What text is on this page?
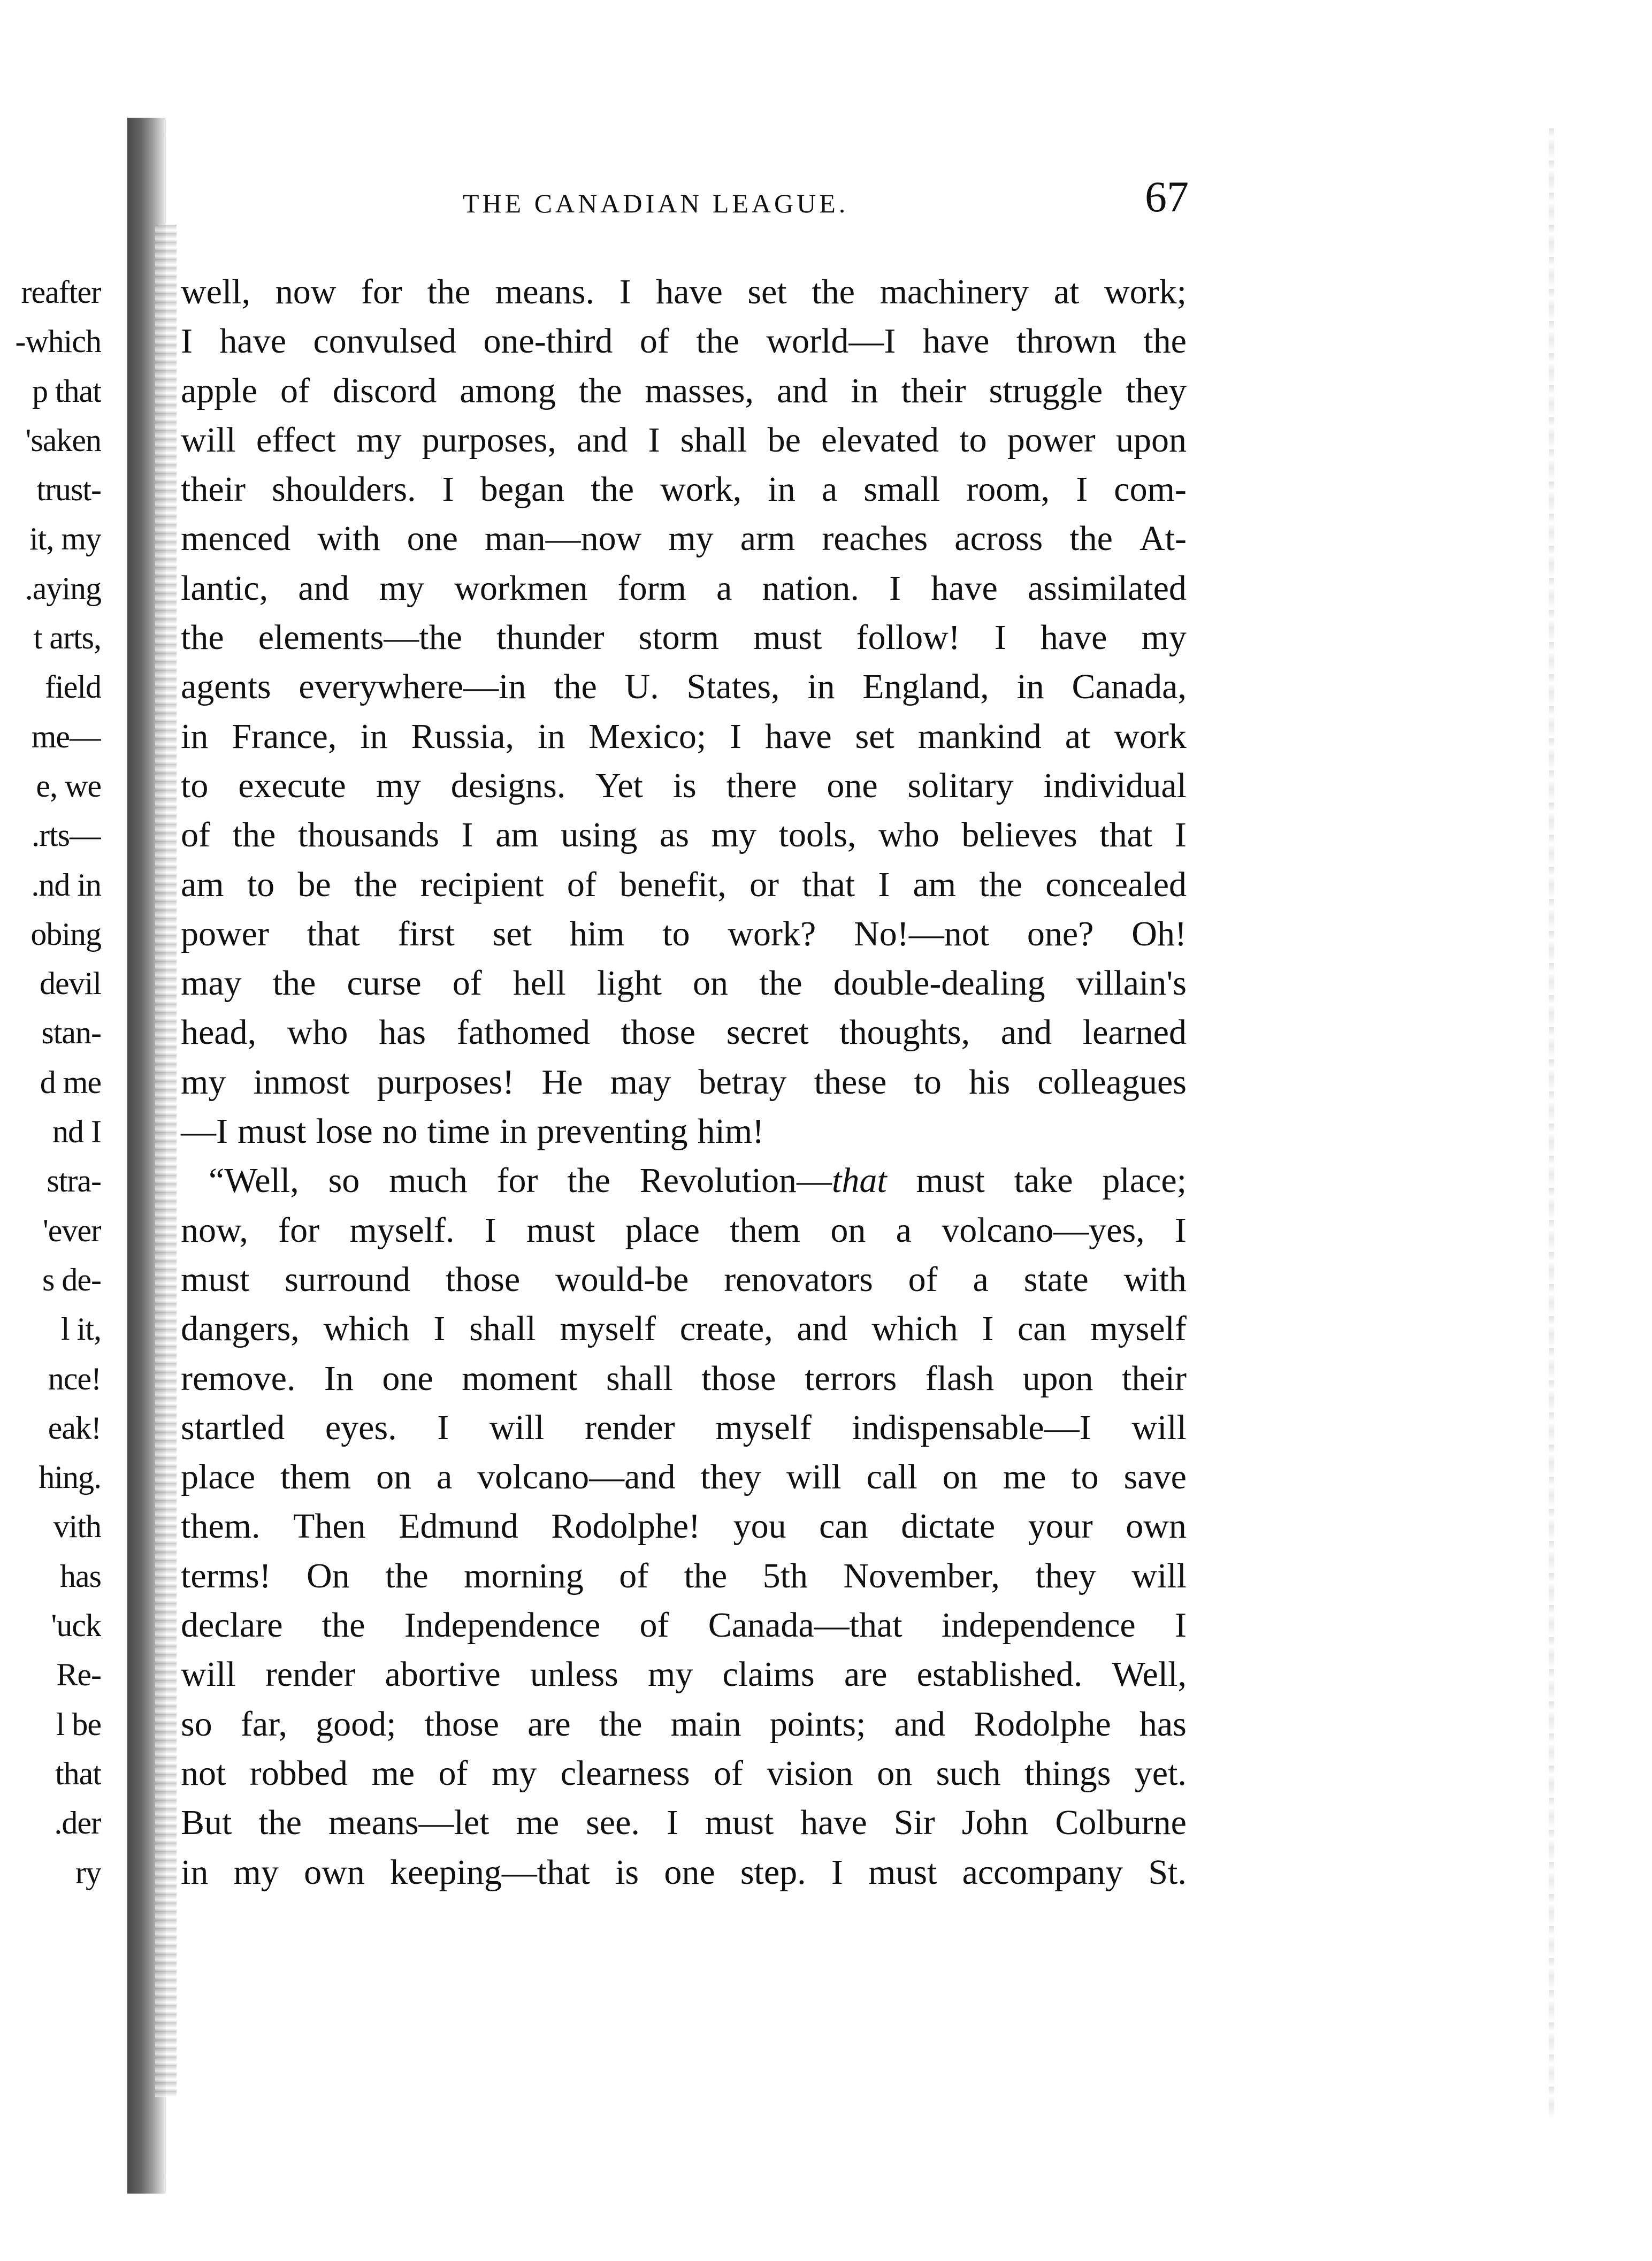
reafter
-which
p that
'saken
trust-
it, my
.aying
t arts,
field
me—
e, we
.rts—
.nd in
obing
devil
stan-
d me
nd I
stra-
'ever
s de-
l it,
nce!
eak!
hing.
vith
has
'uck
Re-
l be
that
.der
ry
THE CANADIAN LEAGUE.	67
well, now for the means. I have set the machinery at work;
I have convulsed one-third of the world—I have thrown the
apple of discord among the masses, and in their struggle they
will effect my purposes, and I shall be elevated to power upon
their shoulders. I began the work, in a small room, I com-
menced with one man—now my arm reaches across the At-
lantic, and my workmen form a nation. I have assimilated
the elements—the thunder storm must follow! I have my
agents everywhere—in the U. States, in England, in Canada,
in France, in Russia, in Mexico; I have set mankind at work
to execute my designs. Yet is there one solitary individual
of the thousands I am using as my tools, who believes that I
am to be the recipient of benefit, or that I am the concealed
power that first set him to work? No!—not one? Oh!
may the curse of hell light on the double-dealing villain's
head, who has fathomed those secret thoughts, and learned
my inmost purposes! He may betray these to his colleagues
—I must lose no time in preventing him!
“Well, so much for the Revolution—that must take place;
now, for myself. I must place them on a volcano—yes, I
must surround those would-be renovators of a state with
dangers, which I shall myself create, and which I can myself
remove. In one moment shall those terrors flash upon their
startled eyes. I will render myself indispensable—I will
place them on a volcano—and they will call on me to save
them. Then Edmund Rodolphe! you can dictate your own
terms! On the morning of the 5th November, they will
declare the Independence of Canada—that independence I
will render abortive unless my claims are established. Well,
so far, good; those are the main points; and Rodolphe has
not robbed me of my clearness of vision on such things yet.
But the means—let me see. I must have Sir John Colburne
in my own keeping—that is one step. I must accompany St.
